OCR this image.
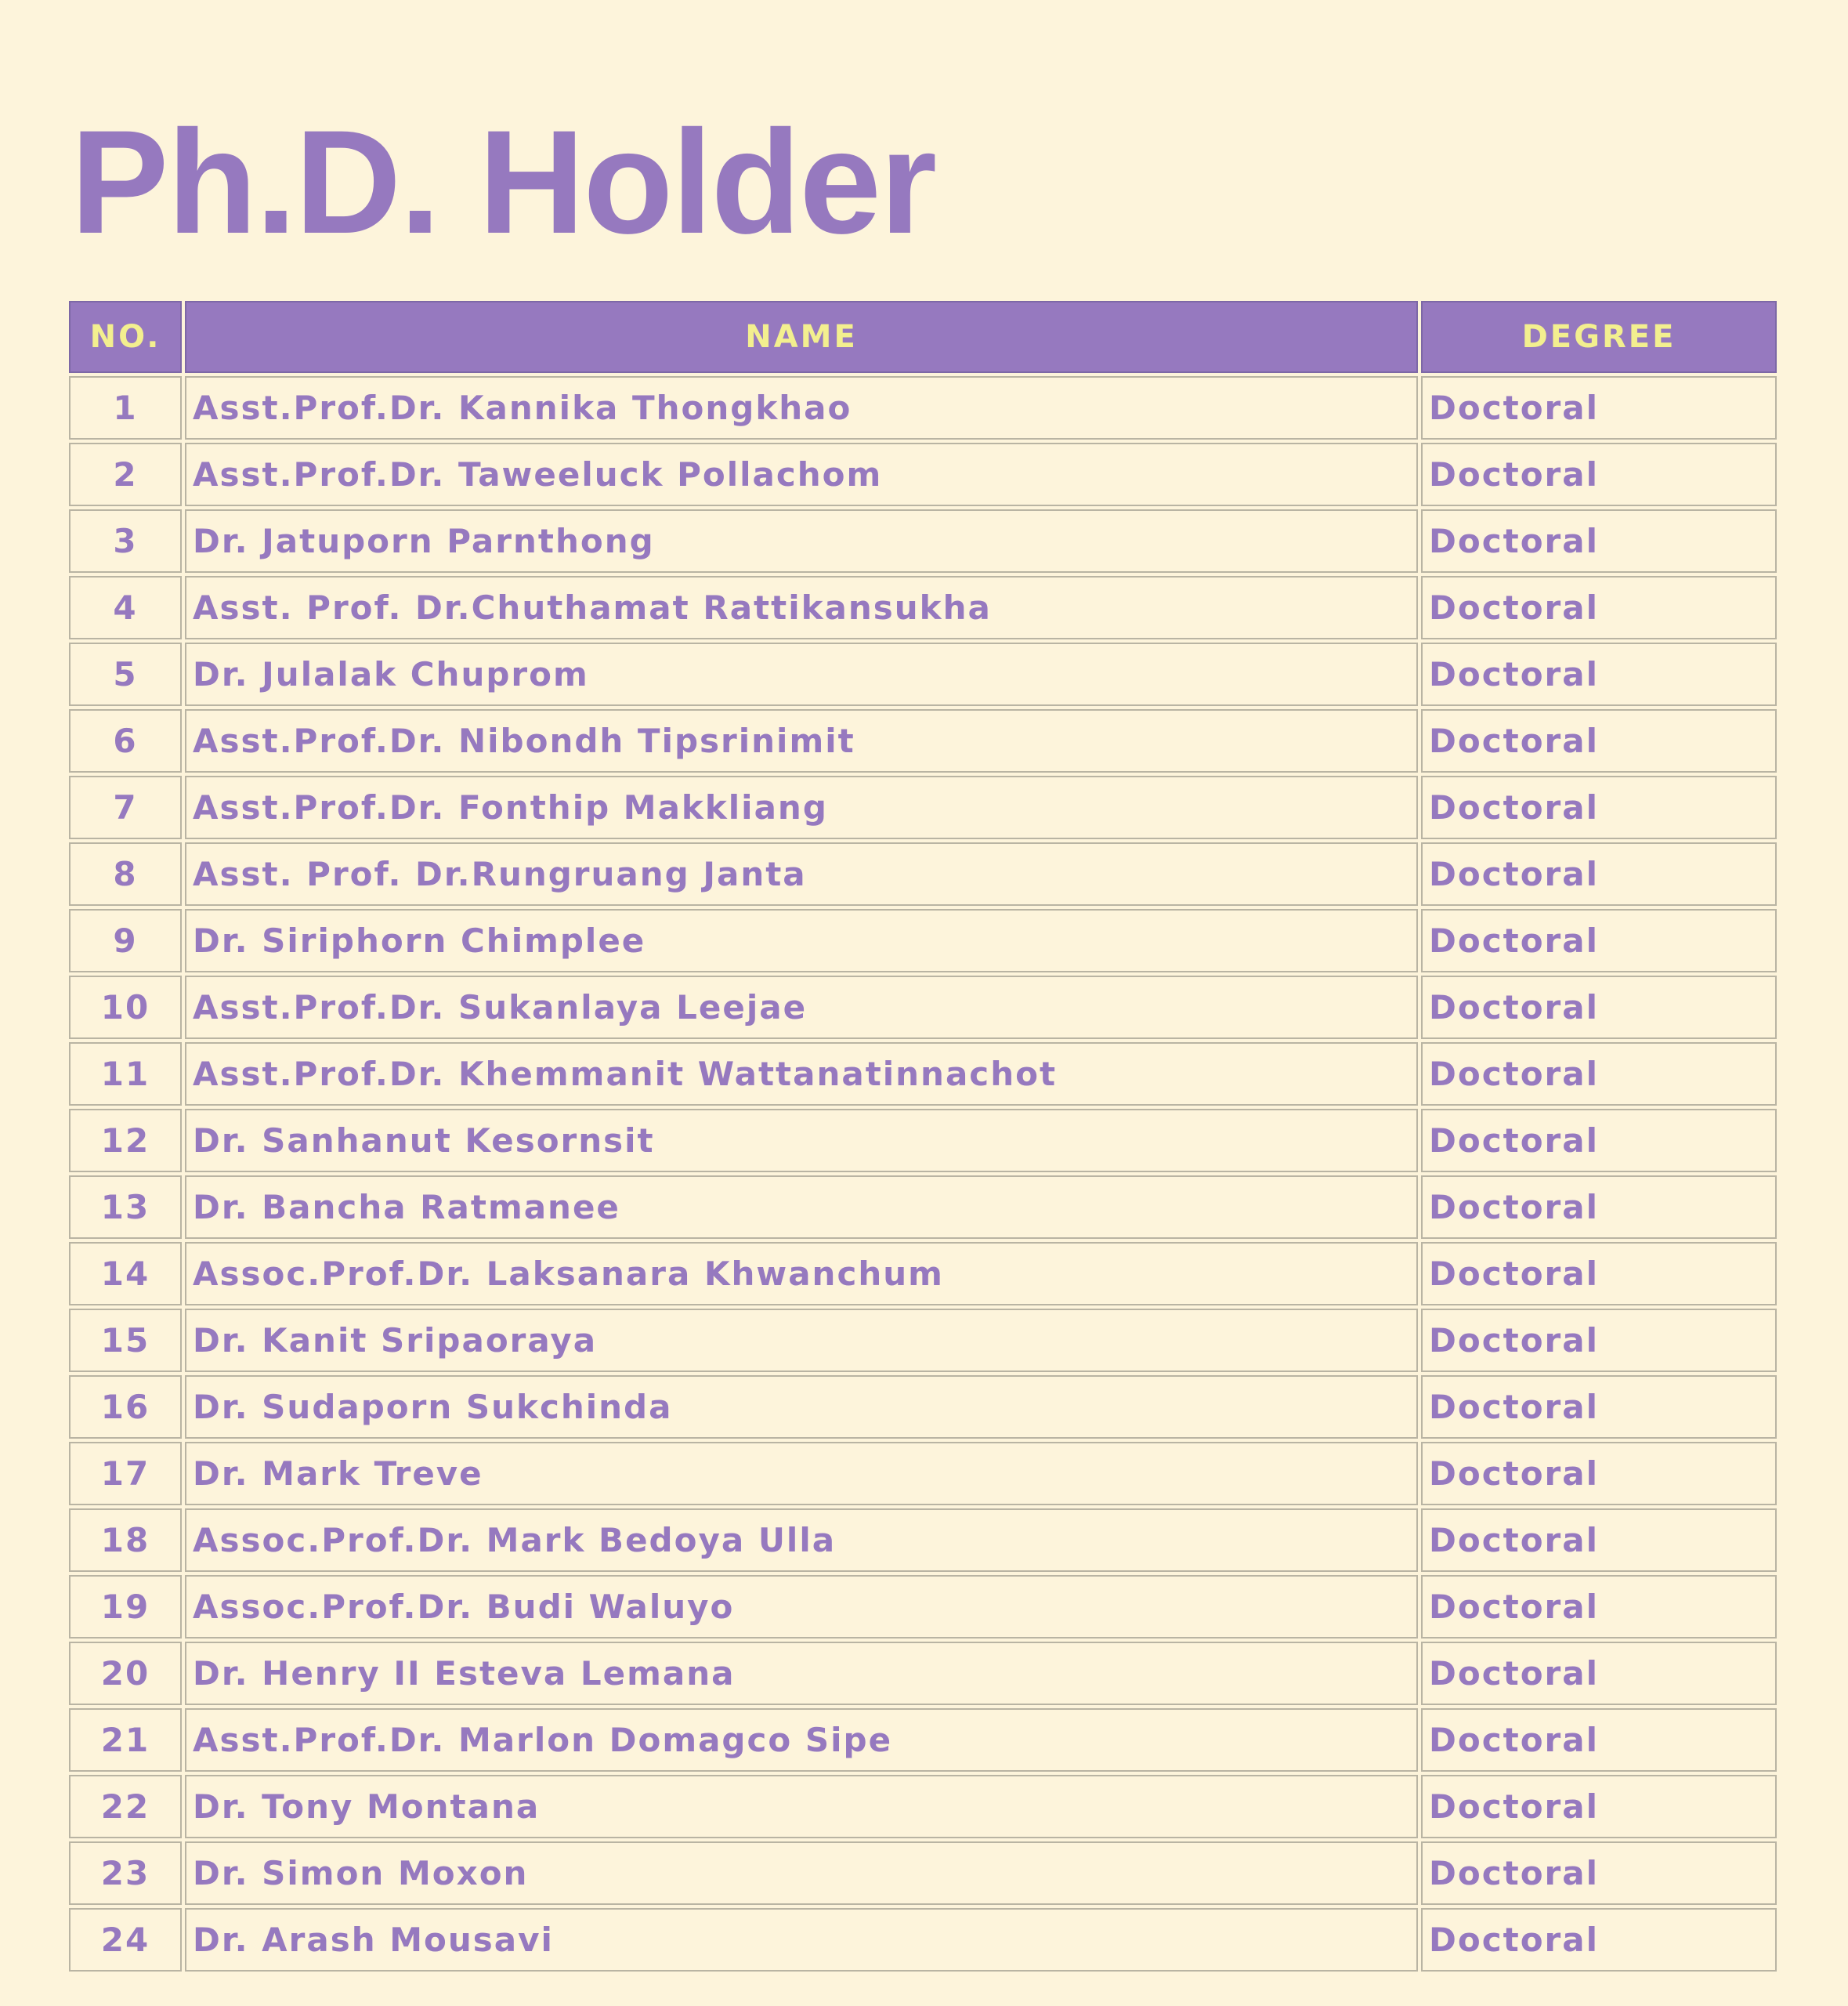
Ph.D. Holder
NO.	NAME	DEGREE
1	Asst.Prof.Dr. Kannika Thongkhao	Doctoral
2	Asst.Prof.Dr. Taweeluck Pollachom	Doctoral
3	Dr. Jatuporn Parnthong	Doctoral
4	Asst. Prof. Dr.Chuthamat Rattikansukha	Doctoral
5	Dr. Julalak Chuprom	Doctoral
6	Asst.Prof.Dr. Nibondh Tipsrinimit	Doctoral
7	Asst.Prof.Dr. Fonthip Makkliang	Doctoral
8	Asst. Prof. Dr.Rungruang Janta	Doctoral
9	Dr. Siriphorn Chimplee	Doctoral
10	Asst.Prof.Dr. Sukanlaya Leejae	Doctoral
11	Asst.Prof.Dr. Khemmanit Wattanatinnachot	Doctoral
12	Dr. Sanhanut Kesornsit	Doctoral
13	Dr. Bancha Ratmanee	Doctoral
14	Assoc.Prof.Dr. Laksanara Khwanchum	Doctoral
15	Dr. Kanit Sripaoraya	Doctoral
16	Dr. Sudaporn Sukchinda	Doctoral
17	Dr. Mark Treve	Doctoral
18	Assoc.Prof.Dr. Mark Bedoya Ulla	Doctoral
19	Assoc.Prof.Dr. Budi Waluyo	Doctoral
20	Dr. Henry II Esteva Lemana	Doctoral
21	Asst.Prof.Dr. Marlon Domagco Sipe	Doctoral
22	Dr. Tony Montana	Doctoral
23	Dr. Simon Moxon	Doctoral
24	Dr. Arash Mousavi	Doctoral
